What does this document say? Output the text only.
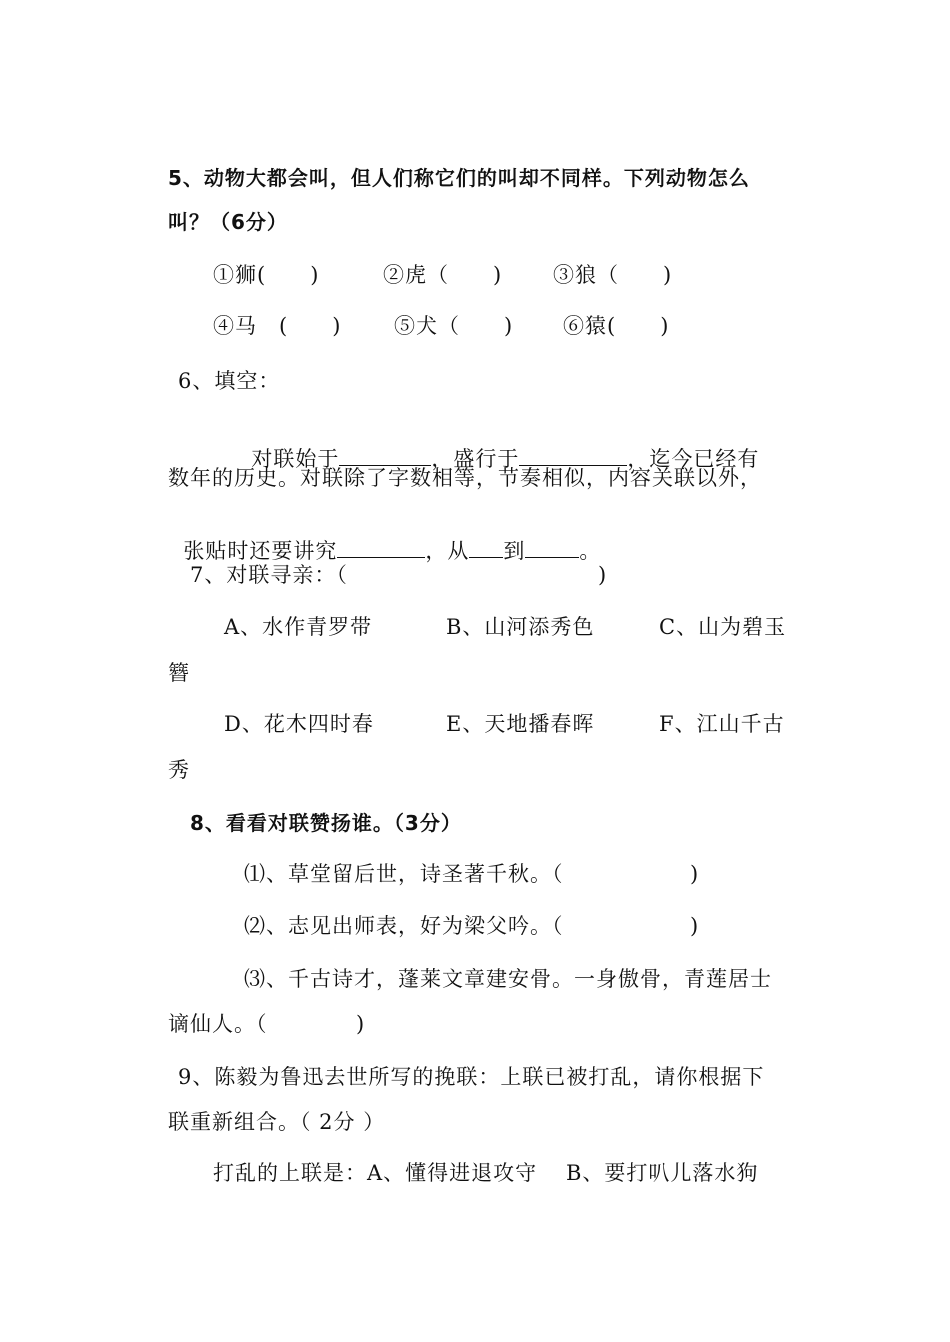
5、动物大都会叫，但人们称它们的叫却不同样。下列动物怎么
叫？（6分）
①狮(　　)	②虎（　　) ③狼（　　)
④马　(　　)	⑤犬（　　) ⑥猿(　　)
6、填空：

对联始于	，盛行于	，迄今已经有

数年的历史。对联除了字数相等，节奏相似，内容关联以外，

张贴时还要讲究	，从 到	。

7、对联寻亲：（	)
A、水作青罗带	B、山河添秀色	C、山为碧玉
簪
D、花木四时春	E、天地播春晖	F、江山千古
秀
8、看看对联赞扬谁。（3分）
⑴、草堂留后世，诗圣著千秋。（	)
⑵、志见出师表，好为梁父吟。（	)
⑶、千古诗才，蓬莱文章建安骨。一身傲骨，青莲居士
谪仙人。（	)
9、陈毅为鲁迅去世所写的挽联：上联已被打乱，请你根据下
联重新组合。（ 2分 ）
打乱的上联是：A、懂得进退攻守 B、要打叭儿落水狗
